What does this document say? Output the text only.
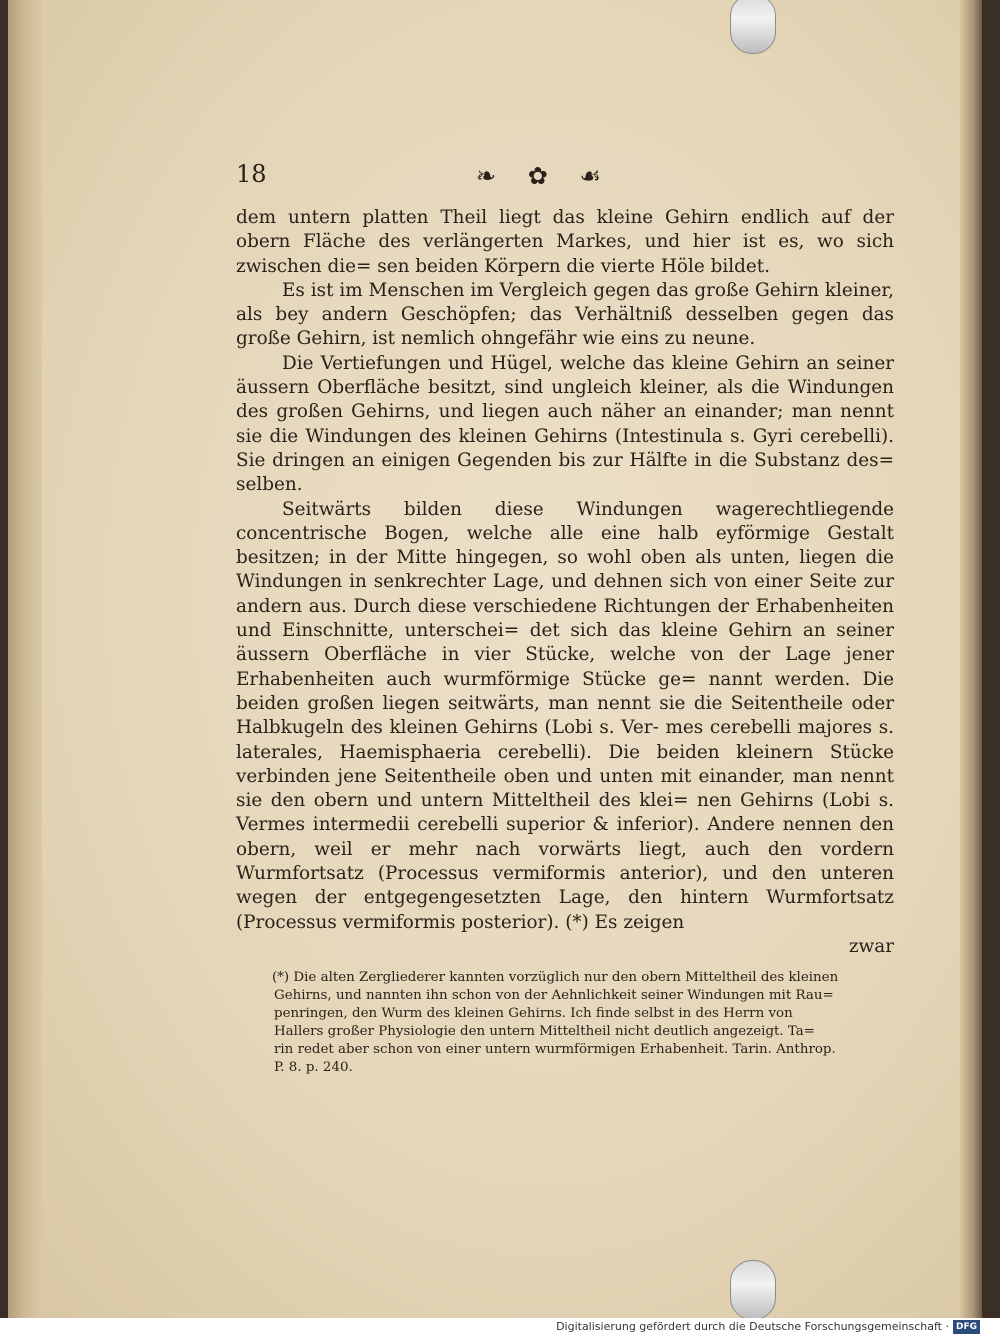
18	❧ ✿ ☙

dem untern platten Theil liegt das kleine Gehirn endlich auf der obern Fläche des verlängerten Markes, und hier ist es, wo sich zwischen die= sen beiden Körpern die vierte Höle bildet.

Es ist im Menschen im Vergleich gegen das große Gehirn kleiner, als bey andern Geschöpfen; das Verhältniß desselben gegen das große Gehirn, ist nemlich ohngefähr wie eins zu neune.

Die Vertiefungen und Hügel, welche das kleine Gehirn an seiner äussern Oberfläche besitzt, sind ungleich kleiner, als die Windungen des großen Gehirns, und liegen auch näher an einander; man nennt sie die Windungen des kleinen Gehirns (Intestinula s. Gyri cerebelli). Sie dringen an einigen Gegenden bis zur Hälfte in die Substanz des= selben.

Seitwärts bilden diese Windungen wagerechtliegende concentrische Bogen, welche alle eine halb eyförmige Gestalt besitzen; in der Mitte hingegen, so wohl oben als unten, liegen die Windungen in senkrechter Lage, und dehnen sich von einer Seite zur andern aus. Durch diese verschiedene Richtungen der Erhabenheiten und Einschnitte, unterschei= det sich das kleine Gehirn an seiner äussern Oberfläche in vier Stücke, welche von der Lage jener Erhabenheiten auch wurmförmige Stücke ge= nannt werden. Die beiden großen liegen seitwärts, man nennt sie die Seitentheile oder Halbkugeln des kleinen Gehirns (Lobi s. Ver- mes cerebelli majores s. laterales, Haemisphaeria cerebelli). Die beiden kleinern Stücke verbinden jene Seitentheile oben und unten mit einander, man nennt sie den obern und untern Mitteltheil des klei= nen Gehirns (Lobi s. Vermes intermedii cerebelli superior & inferior). Andere nennen den obern, weil er mehr nach vorwärts liegt, auch den vordern Wurmfortsatz (Processus vermiformis anterior), und den unteren wegen der entgegengesetzten Lage, den hintern Wurmfortsatz (Processus vermiformis posterior). (*) Es zeigen

zwar

(*) Die alten Zergliederer kannten vorzüglich nur den obern Mitteltheil des kleinen

Gehirns, und nannten ihn schon von der Aehnlichkeit seiner Windungen mit Rau=

penringen, den Wurm des kleinen Gehirns. Ich finde selbst in des Herrn von

Hallers großer Physiologie den untern Mitteltheil nicht deutlich angezeigt. Ta=

rin redet aber schon von einer untern wurmförmigen Erhabenheit. Tarin. Anthrop.

P. 8. p. 240.

Digitalisierung gefördert durch die Deutsche Forschungsgemeinschaft · DFG
